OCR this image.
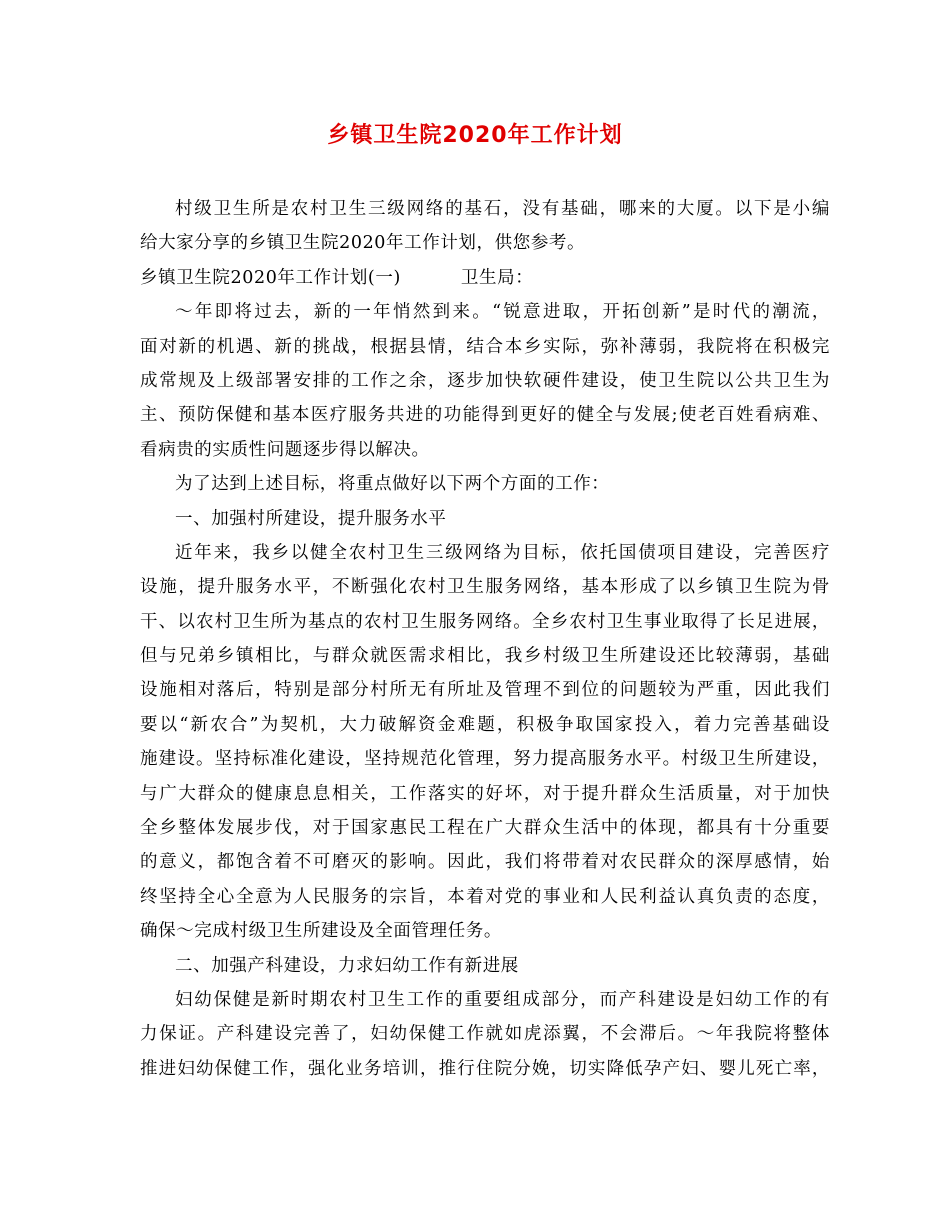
乡镇卫生院2020年工作计划
村级卫生所是农村卫生三级网络的基石，没有基础，哪来的大厦。以下是小编
给大家分享的乡镇卫生院2020年工作计划，供您参考。
乡镇卫生院2020年工作计划(一)	卫生局：
～年即将过去，新的一年悄然到来。“锐意进取，开拓创新”是时代的潮流，
面对新的机遇、新的挑战，根据县情，结合本乡实际，弥补薄弱，我院将在积极完
成常规及上级部署安排的工作之余，逐步加快软硬件建设，使卫生院以公共卫生为
主、预防保健和基本医疗服务共进的功能得到更好的健全与发展;使老百姓看病难、
看病贵的实质性问题逐步得以解决。
为了达到上述目标，将重点做好以下两个方面的工作：
一、加强村所建设，提升服务水平
近年来，我乡以健全农村卫生三级网络为目标，依托国债项目建设，完善医疗
设施，提升服务水平，不断强化农村卫生服务网络，基本形成了以乡镇卫生院为骨
干、以农村卫生所为基点的农村卫生服务网络。全乡农村卫生事业取得了长足进展，
但与兄弟乡镇相比，与群众就医需求相比，我乡村级卫生所建设还比较薄弱，基础
设施相对落后，特别是部分村所无有所址及管理不到位的问题较为严重，因此我们
要以“新农合”为契机，大力破解资金难题，积极争取国家投入，着力完善基础设
施建设。坚持标准化建设，坚持规范化管理，努力提高服务水平。村级卫生所建设，
与广大群众的健康息息相关，工作落实的好坏，对于提升群众生活质量，对于加快
全乡整体发展步伐，对于国家惠民工程在广大群众生活中的体现，都具有十分重要
的意义，都饱含着不可磨灭的影响。因此，我们将带着对农民群众的深厚感情，始
终坚持全心全意为人民服务的宗旨，本着对党的事业和人民利益认真负责的态度，
确保～完成村级卫生所建设及全面管理任务。
二、加强产科建设，力求妇幼工作有新进展
妇幼保健是新时期农村卫生工作的重要组成部分，而产科建设是妇幼工作的有
力保证。产科建设完善了，妇幼保健工作就如虎添翼，不会滞后。～年我院将整体
推进妇幼保健工作，强化业务培训，推行住院分娩，切实降低孕产妇、婴儿死亡率，
